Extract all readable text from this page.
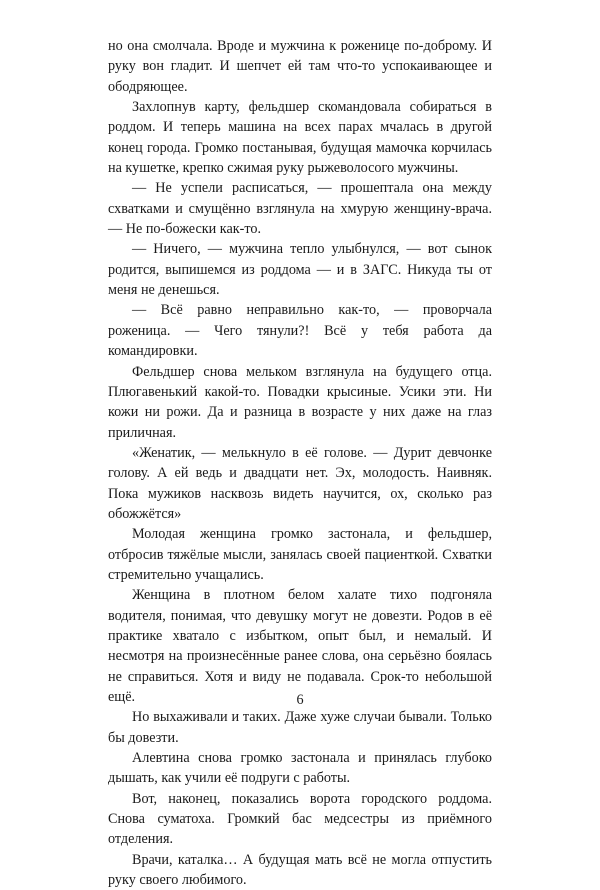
но она смолчала. Вроде и мужчина к роженице по-доброму. И руку вон гладит. И шепчет ей там что-то успокаивающее и ободряющее.

Захлопнув карту, фельдшер скомандовала собираться в роддом. И теперь машина на всех парах мчалась в другой конец города. Громко постанывая, будущая мамочка корчилась на кушетке, крепко сжимая руку рыжеволосого мужчины.

— Не успели расписаться, — прошептала она между схватками и смущённо взглянула на хмурую женщину-врача. — Не по-божески как-то.

— Ничего, — мужчина тепло улыбнулся, — вот сынок родится, выпишемся из роддома — и в ЗАГС. Никуда ты от меня не денешься.

— Всё равно неправильно как-то, — проворчала роженица. — Чего тянули?! Всё у тебя работа да командировки.

Фельдшер снова мельком взглянула на будущего отца. Плюгавенький какой-то. Повадки крысиные. Усики эти. Ни кожи ни рожи. Да и разница в возрасте у них даже на глаз приличная.

«Женатик, — мелькнуло в её голове. — Дурит девчонке голову. А ей ведь и двадцати нет. Эх, молодость. Наивняк. Пока мужиков насквозь видеть научится, ох, сколько раз обожжётся»

Молодая женщина громко застонала, и фельдшер, отбросив тяжёлые мысли, занялась своей пациенткой. Схватки стремительно учащались.

Женщина в плотном белом халате тихо подгоняла водителя, понимая, что девушку могут не довезти. Родов в её практике хватало с избытком, опыт был, и немалый. И несмотря на произнесённые ранее слова, она серьёзно боялась не справиться. Хотя и виду не подавала. Срок-то небольшой ещё.

Но выхаживали и таких. Даже хуже случаи бывали. Только бы довезти.

Алевтина снова громко застонала и принялась глубоко дышать, как учили её подруги с работы.

Вот, наконец, показались ворота городского роддома. Снова суматоха. Громкий бас медсестры из приёмного отделения.

Врачи, каталка… А будущая мать всё не могла отпустить руку своего любимого.

6
